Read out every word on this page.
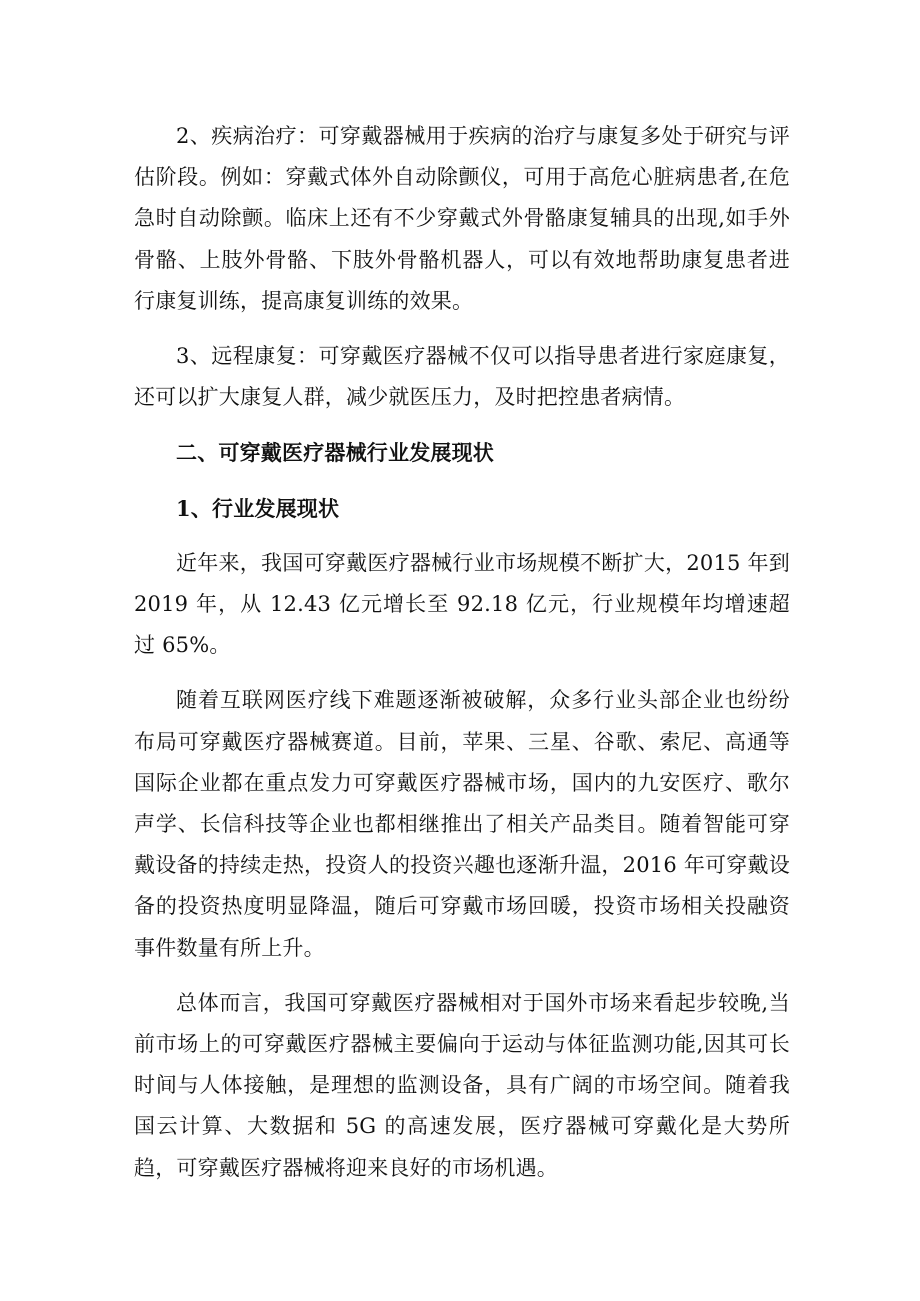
2、疾病治疗：可穿戴器械用于疾病的治疗与康复多处于研究与评估阶段。例如：穿戴式体外自动除颤仪，可用于高危心脏病患者,在危急时自动除颤。临床上还有不少穿戴式外骨骼康复辅具的出现,如手外骨骼、上肢外骨骼、下肢外骨骼机器人，可以有效地帮助康复患者进行康复训练，提高康复训练的效果。

3、远程康复：可穿戴医疗器械不仅可以指导患者进行家庭康复，还可以扩大康复人群，减少就医压力，及时把控患者病情。

二、可穿戴医疗器械行业发展现状

1、行业发展现状

近年来，我国可穿戴医疗器械行业市场规模不断扩大，2015 年到 2019 年，从 12.43 亿元增长至 92.18 亿元，行业规模年均增速超过 65%。

随着互联网医疗线下难题逐渐被破解，众多行业头部企业也纷纷布局可穿戴医疗器械赛道。目前，苹果、三星、谷歌、索尼、高通等国际企业都在重点发力可穿戴医疗器械市场，国内的九安医疗、歌尔声学、长信科技等企业也都相继推出了相关产品类目。随着智能可穿戴设备的持续走热，投资人的投资兴趣也逐渐升温，2016 年可穿戴设备的投资热度明显降温，随后可穿戴市场回暖，投资市场相关投融资事件数量有所上升。

总体而言，我国可穿戴医疗器械相对于国外市场来看起步较晚,当前市场上的可穿戴医疗器械主要偏向于运动与体征监测功能,因其可长时间与人体接触，是理想的监测设备，具有广阔的市场空间。随着我国云计算、大数据和 5G 的高速发展，医疗器械可穿戴化是大势所趋，可穿戴医疗器械将迎来良好的市场机遇。
